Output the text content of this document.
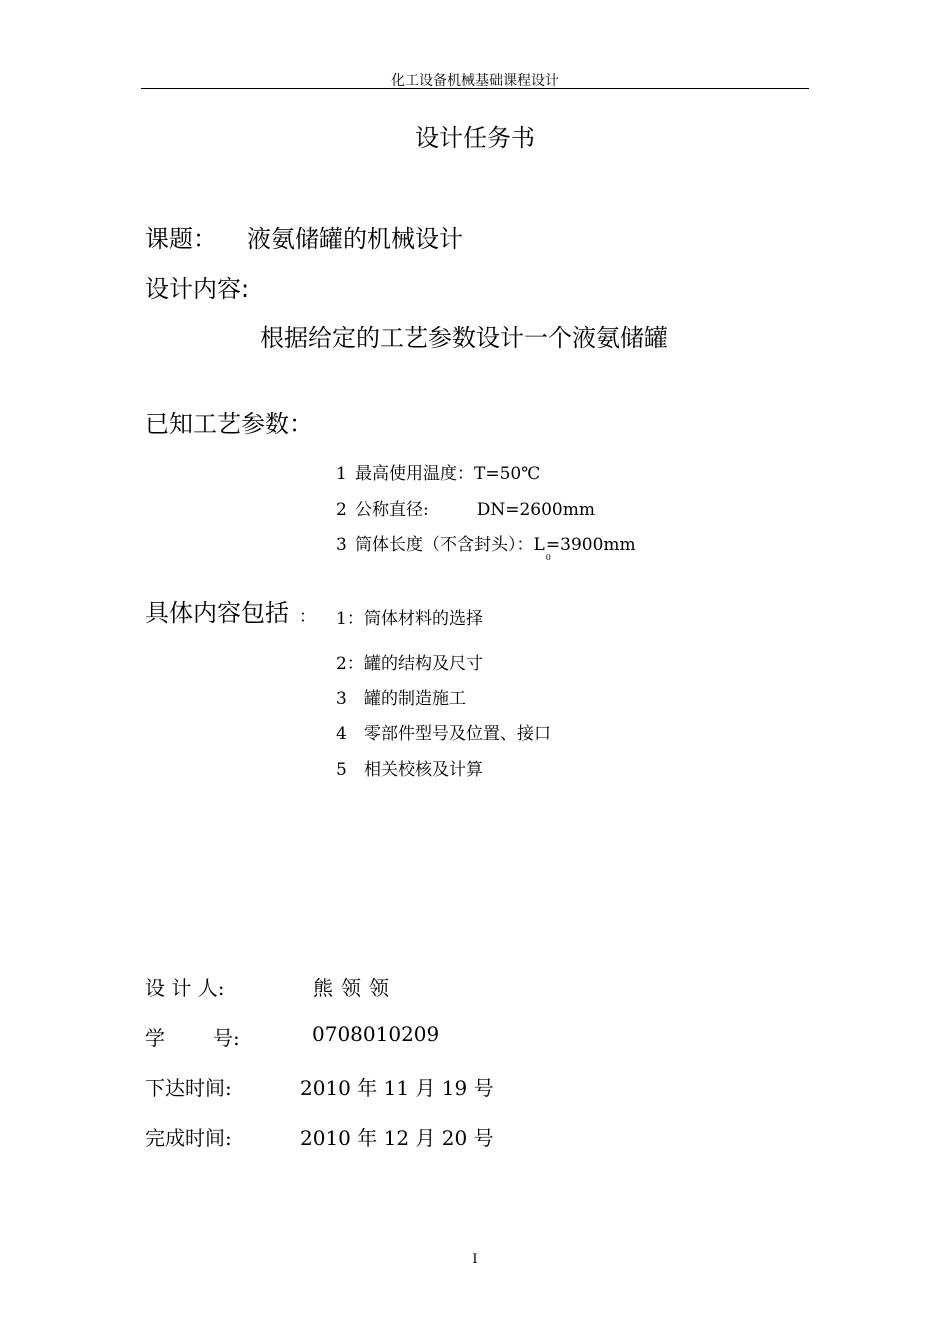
化工设备机械基础课程设计
设计任务书
课题： 液氨储罐的机械设计
设计内容:
根据给定的工艺参数设计一个液氨储罐
已知工艺参数：
1 最高使用温度：T=50℃
2 公称直径:	DN=2600mm
3 筒体长度（不含封头）：$L_0=3900mm$
具体内容包括 ： 1：筒体材料的选择
2：罐的结构及尺寸
3 罐的制造施工
4 零部件型号及位置、接口
5 相关校核及计算
设 计 人:	熊领领
学 号:	0708010209
下达时间:	2010 年 11 月 19 号
完成时间:	2010 年 12 月 20 号
I
